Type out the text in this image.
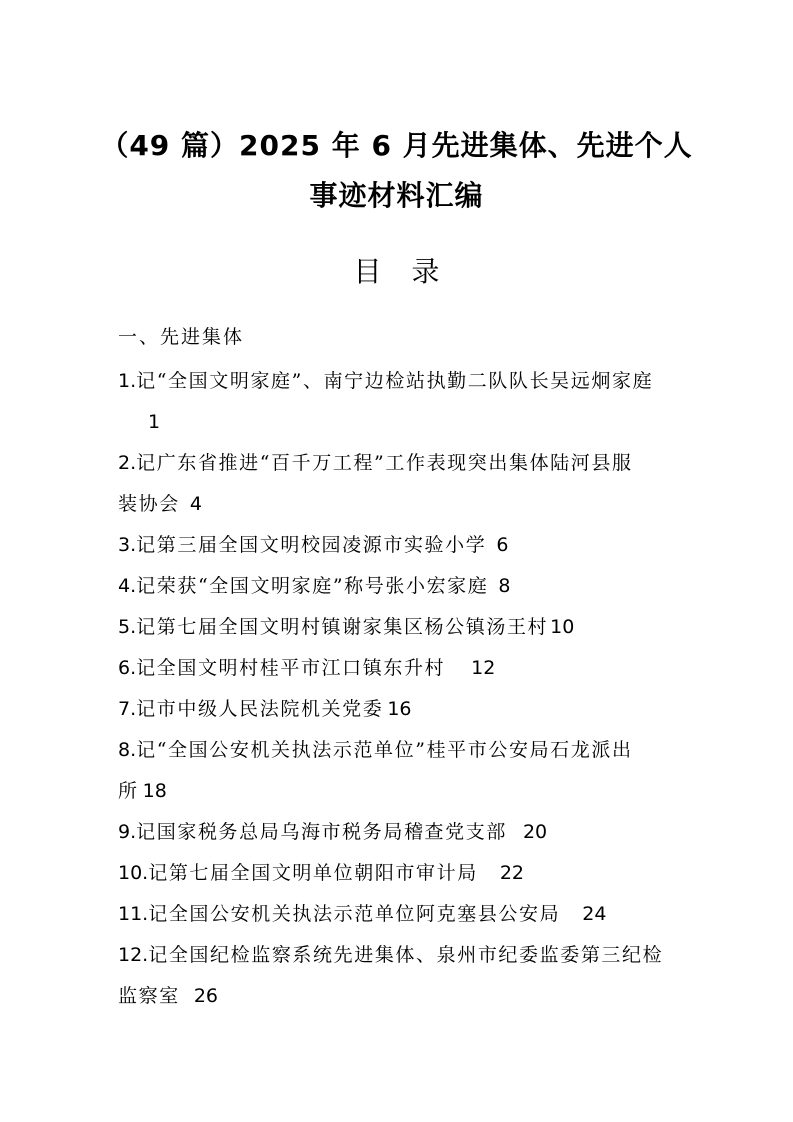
（49 篇）2025 年 6 月先进集体、先进个人
事迹材料汇编
目 录
一、先进集体
1.记“全国文明家庭”、南宁边检站执勤二队队长吴远炯家庭
1
2.记广东省推进“百千万工程”工作表现突出集体陆河县服
装协会 4
3.记第三届全国文明校园凌源市实验小学 6
4.记荣获“全国文明家庭”称号张小宏家庭 8
5.记第七届全国文明村镇谢家集区杨公镇汤王村 10
6.记全国文明村桂平市江口镇东升村 12
7.记市中级人民法院机关党委 16
8.记“全国公安机关执法示范单位”桂平市公安局石龙派出
所 18
9.记国家税务总局乌海市税务局稽查党支部 20
10.记第七届全国文明单位朝阳市审计局 22
11.记全国公安机关执法示范单位阿克塞县公安局 24
12.记全国纪检监察系统先进集体、泉州市纪委监委第三纪检
监察室 26
